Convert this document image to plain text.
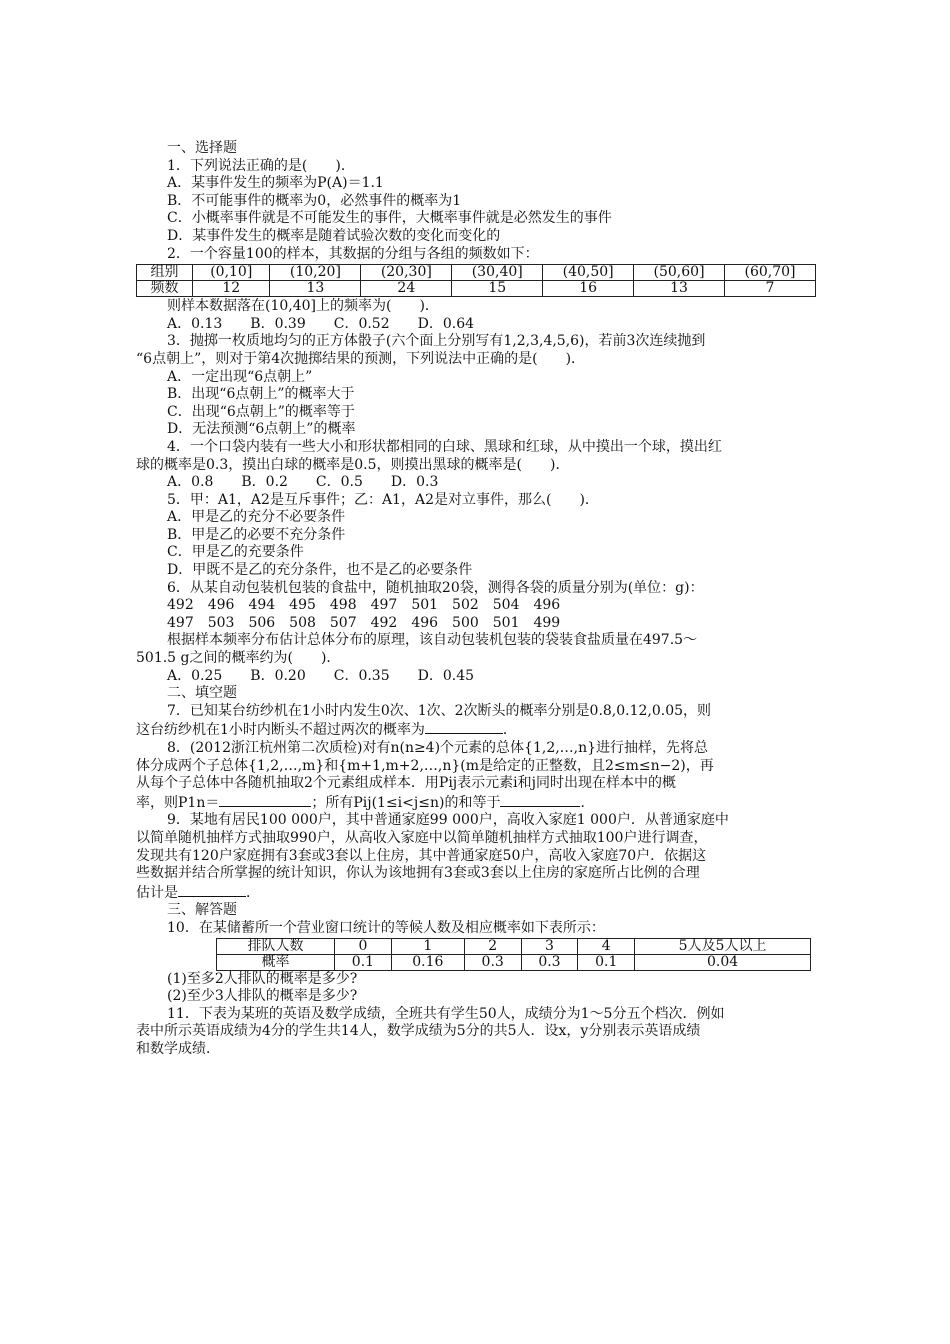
一、选择题

1．下列说法正确的是(　　)．

A．某事件发生的频率为P(A)＝1.1

B．不可能事件的概率为0，必然事件的概率为1

C．小概率事件就是不可能发生的事件，大概率事件就是必然发生的事件

D．某事件发生的概率是随着试验次数的变化而变化的

2．一个容量100的样本，其数据的分组与各组的频数如下：

组别	(0,10]	(10,20]	(20,30]	(30,40]	(40,50]	(50,60]	(60,70]
频数	12	13	24	15	16	13	7

则样本数据落在(10,40]上的频率为(　　)．

A．0.13　　B．0.39　　C．0.52　　D．0.64

3．抛掷一枚质地均匀的正方体骰子(六个面上分别写有1,2,3,4,5,6)，若前3次连续抛到

“6点朝上”，则对于第4次抛掷结果的预测，下列说法中正确的是(　　)．

A．一定出现“6点朝上”

B．出现“6点朝上”的概率大于

C．出现“6点朝上”的概率等于

D．无法预测“6点朝上”的概率

4．一个口袋内装有一些大小和形状都相同的白球、黑球和红球，从中摸出一个球，摸出红

球的概率是0.3，摸出白球的概率是0.5，则摸出黑球的概率是(　　)．

A．0.8　　B．0.2　　C．0.5　　D．0.3

5．甲：A1，A2是互斥事件；乙：A1，A2是对立事件，那么(　　)．

A．甲是乙的充分不必要条件

B．甲是乙的必要不充分条件

C．甲是乙的充要条件

D．甲既不是乙的充分条件，也不是乙的必要条件

6．从某自动包装机包装的食盐中，随机抽取20袋，测得各袋的质量分别为(单位：g)：

492　496　494　495　498　497　501　502　504　496

497　503　506　508　507　492　496　500　501　499

根据样本频率分布估计总体分布的原理，该自动包装机包装的袋装食盐质量在497.5～

501.5 g之间的概率约为(　　)．

A．0.25　　B．0.20　　C．0.35　　D．0.45

二、填空题

7．已知某台纺纱机在1小时内发生0次、1次、2次断头的概率分别是0.8,0.12,0.05，则

这台纺纱机在1小时内断头不超过两次的概率为	．

8．(2012浙江杭州第二次质检)对有n(n≥4)个元素的总体{1,2,…,n}进行抽样，先将总

体分成两个子总体{1,2,…,m}和{m+1,m+2,…,n}(m是给定的正整数，且2≤m≤n−2)，再

从每个子总体中各随机抽取2个元素组成样本．用Pij表示元素i和j同时出现在样本中的概

率，则P1n＝	；所有Pij(1≤i<j≤n)的和等于	．

9．某地有居民100 000户，其中普通家庭99 000户，高收入家庭1 000户．从普通家庭中

以简单随机抽样方式抽取990户，从高收入家庭中以简单随机抽样方式抽取100户进行调查，

发现共有120户家庭拥有3套或3套以上住房，其中普通家庭50户，高收入家庭70户．依据这

些数据并结合所掌握的统计知识，你认为该地拥有3套或3套以上住房的家庭所占比例的合理

估计是	．

三、解答题

10．在某储蓄所一个营业窗口统计的等候人数及相应概率如下表所示：

排队人数	0	1	2	3	4	5人及5人以上
概率	0.1	0.16	0.3	0.3	0.1	0.04

(1)至多2人排队的概率是多少?

(2)至少3人排队的概率是多少?

11．下表为某班的英语及数学成绩，全班共有学生50人，成绩分为1～5分五个档次．例如

表中所示英语成绩为4分的学生共14人，数学成绩为5分的共5人．设x，y分别表示英语成绩

和数学成绩．
